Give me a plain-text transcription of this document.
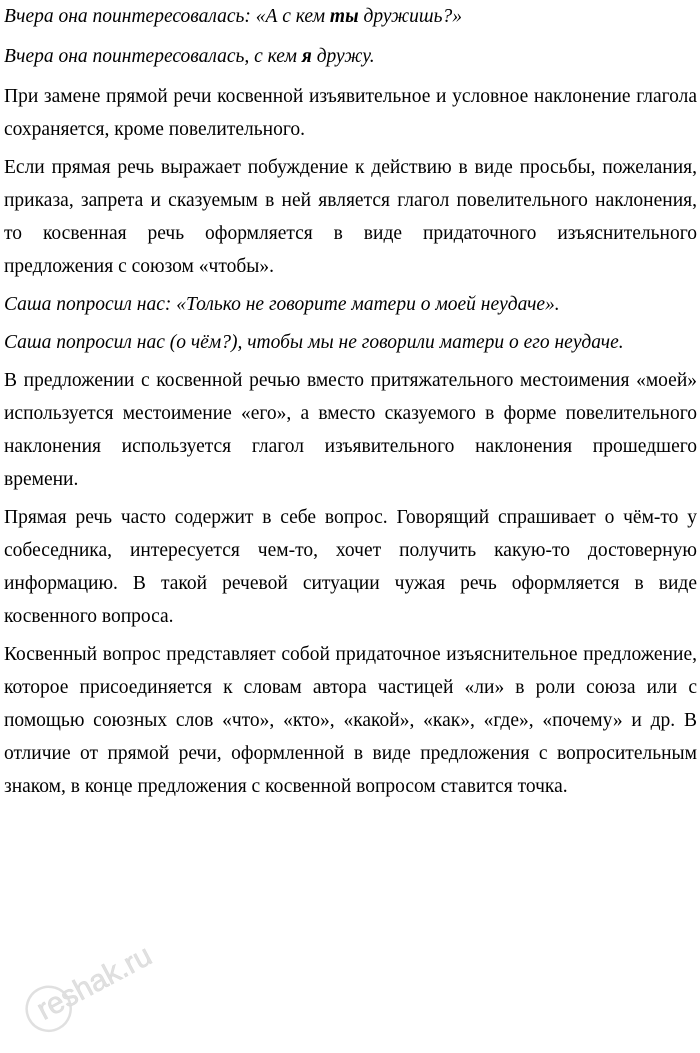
Вчера она поинтересовалась: «А с кем ты дружишь?»

Вчера она поинтересовалась, с кем я дружу.

При замене прямой речи косвенной изъявительное и условное наклонение глагола сохраняется, кроме повелительного.

Если прямая речь выражает побуждение к действию в виде просьбы, пожелания, приказа, запрета и сказуемым в ней является глагол повелительного наклонения, то косвенная речь оформляется в виде придаточного изъяснительного предложения с союзом «чтобы».

Саша попросил нас: «Только не говорите матери о моей неудаче».

Саша попросил нас (о чём?), чтобы мы не говорили матери о его неудаче.

В предложении с косвенной речью вместо притяжательного местоимения «моей» используется местоимение «его», а вместо сказуемого в форме повелительного наклонения используется глагол изъявительного наклонения прошедшего времени.

Прямая речь часто содержит в себе вопрос. Говорящий спрашивает о чём-то у собеседника, интересуется чем-то, хочет получить какую-то достоверную информацию. В такой речевой ситуации чужая речь оформляется в виде косвенного вопроса.

Косвенный вопрос представляет собой придаточное изъяснительное предложение, которое присоединяется к словам автора частицей «ли» в роли союза или с помощью союзных слов «что», «кто», «какой», «как», «где», «почему» и др. В отличие от прямой речи, оформленной в виде предложения с вопросительным знаком, в конце предложения с косвенной вопросом ставится точка.

reshak.ru
